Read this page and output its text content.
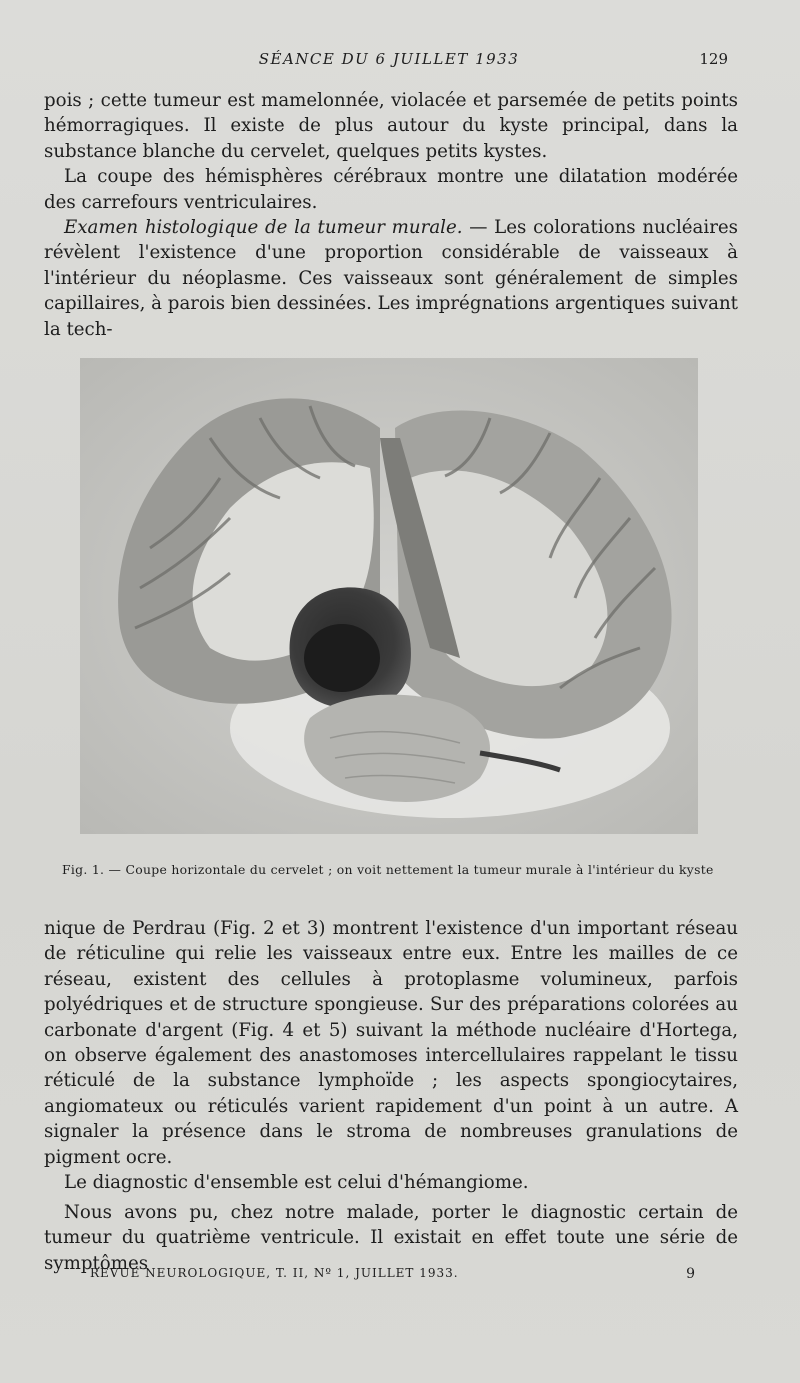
SÉANCE DU 6 JUILLET 1933	129

pois ; cette tumeur est mamelonnée, violacée et parsemée de petits points hémorragiques. Il existe de plus autour du kyste principal, dans la substance blanche du cervelet, quelques petits kystes.

La coupe des hémisphères cérébraux montre une dilatation modérée des carrefours ventriculaires.

Examen histologique de la tumeur murale. — Les colorations nucléaires révèlent l'existence d'une proportion considérable de vaisseaux à l'intérieur du néoplasme. Ces vaisseaux sont généralement de simples capillaires, à parois bien dessinées. Les imprégnations argentiques suivant la tech-

Fig. 1. — Coupe horizontale du cervelet ; on voit nettement la tumeur murale à l'intérieur du kyste

nique de Perdrau (Fig. 2 et 3) montrent l'existence d'un important réseau de réticuline qui relie les vaisseaux entre eux. Entre les mailles de ce réseau, existent des cellules à protoplasme volumineux, parfois polyédriques et de structure spongieuse. Sur des préparations colorées au carbonate d'argent (Fig. 4 et 5) suivant la méthode nucléaire d'Hortega, on observe également des anastomoses intercellulaires rappelant le tissu réticulé de la substance lymphoïde ; les aspects spongiocytaires, angiomateux ou réticulés varient rapidement d'un point à un autre. A signaler la présence dans le stroma de nombreuses granulations de pigment ocre.

Le diagnostic d'ensemble est celui d'hémangiome.

Nous avons pu, chez notre malade, porter le diagnostic certain de tumeur du quatrième ventricule. Il existait en effet toute une série de symptômes

REVUE NEUROLOGIQUE, T. II, Nº 1, JUILLET 1933.	9
